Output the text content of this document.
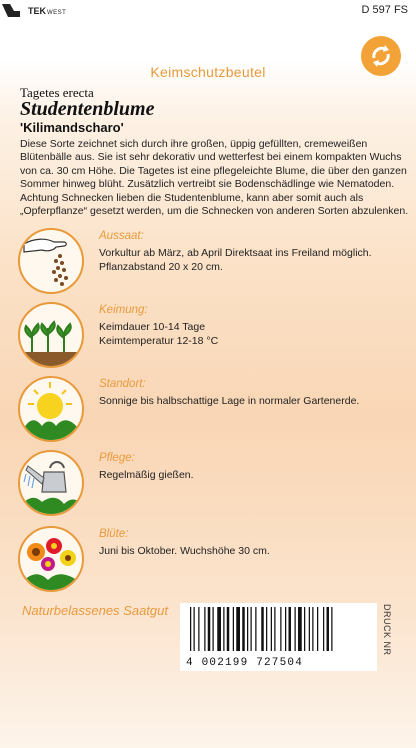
TEKWEST	D 597 FS
Keimschutzbeutel
Tagetes erecta
Studentenblume
'Kilimandscharo'
Diese Sorte zeichnet sich durch ihre großen, üppig gefüllten, cremeweißen Blütenbälle aus. Sie ist sehr dekorativ und wetterfest bei einem kompakten Wuchs von ca. 30 cm Höhe. Die Tagetes ist eine pflegeleichte Blume, die über den ganzen Sommer hinweg blüht. Zusätzlich vertreibt sie Bodenschädlinge wie Nematoden. Achtung Schnecken lieben die Studentenblume, kann aber somit auch als „Opferpflanze“ gesetzt werden, um die Schnecken von anderen Sorten abzulenken.
Aussaat:
Vorkultur ab März, ab April Direktsaat ins Freiland möglich. Pflanzabstand 20 x 20 cm.
Keimung:
Keimdauer 10-14 Tage
Keimtemperatur 12-18 °C
Standort:
Sonnige bis halbschattige Lage in normaler Gartenerde.
Pflege:
Regelmäßig gießen.
Blüte:
Juni bis Oktober. Wuchshöhe 30 cm.
Naturbelassenes Saatgut
4 002199 727504
DRUCK NR
